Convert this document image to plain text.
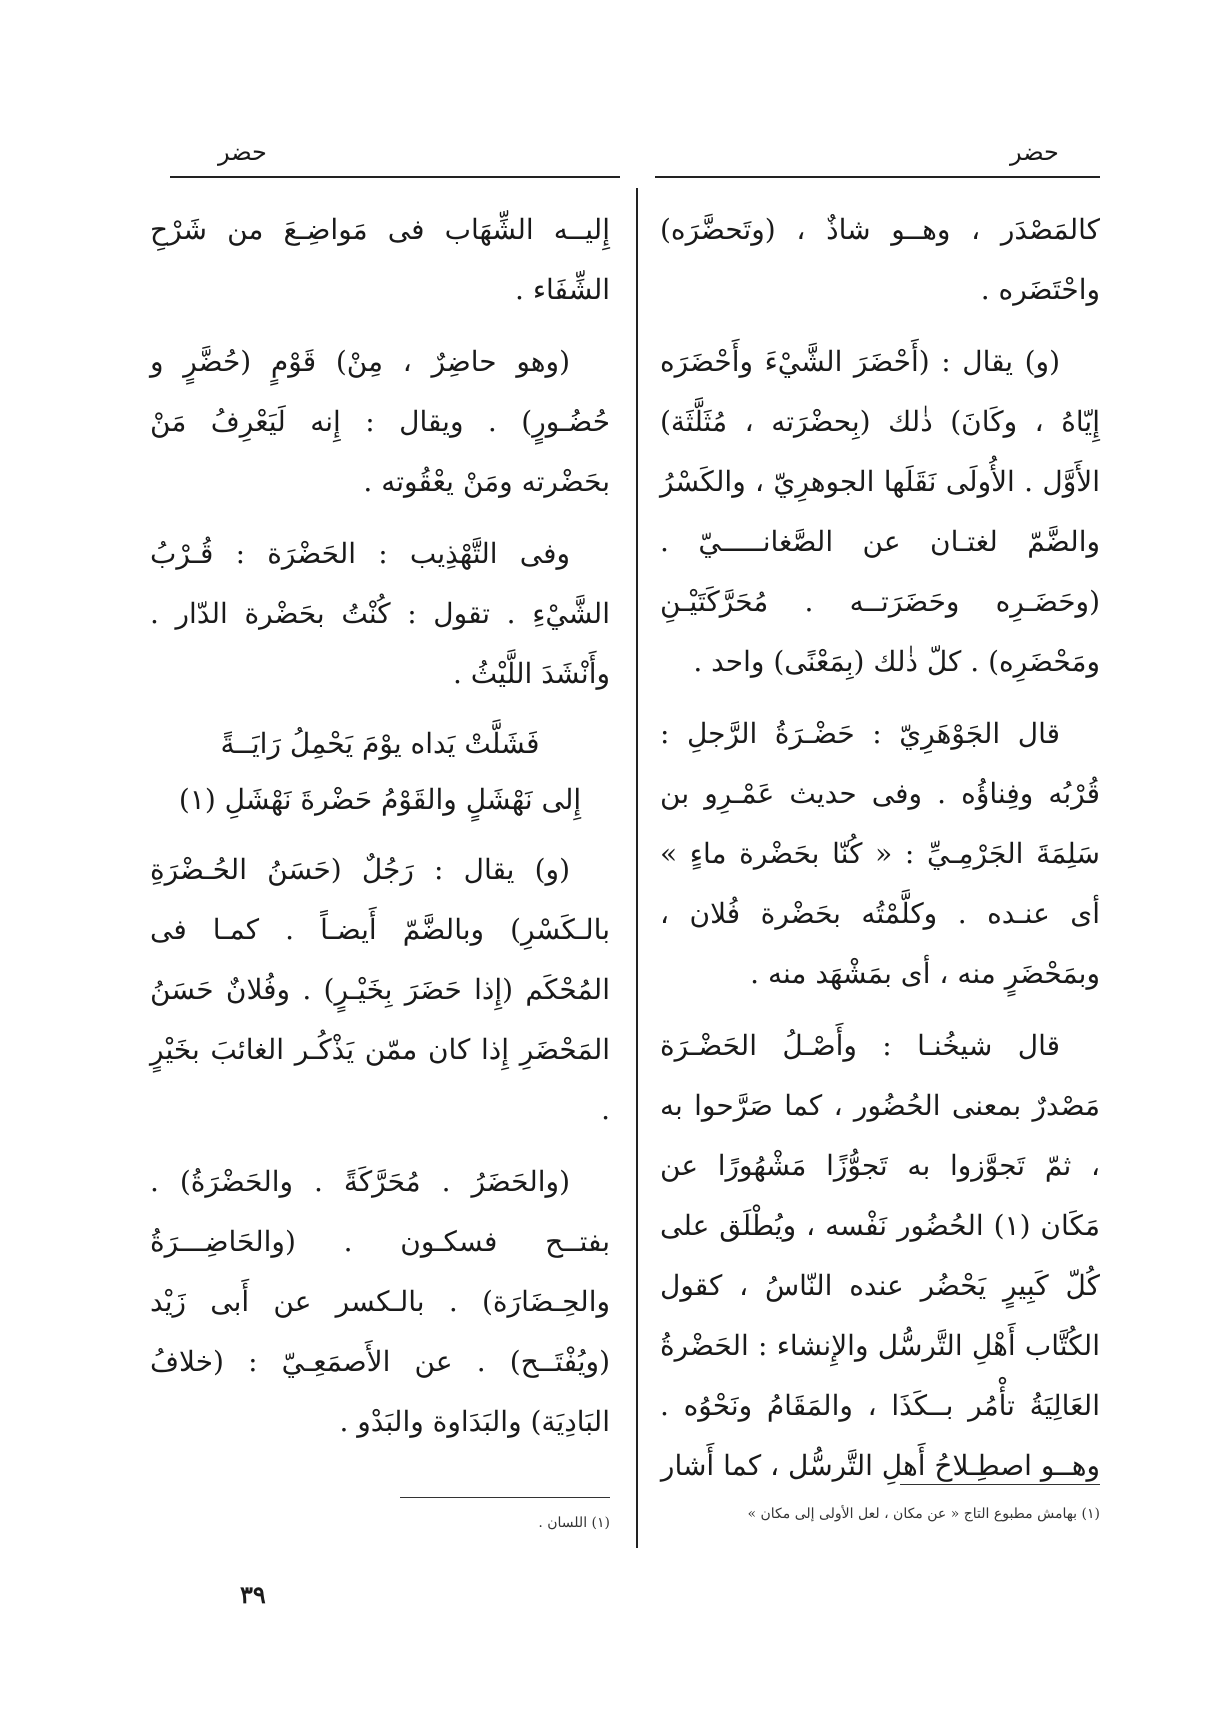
حضر
حضر

كالمَصْدَر ، وهــو شاذٌ ، (وتَحضَّرَه) واحْتَضَره .

(و) يقال : (أَحْضَرَ الشَّيْءَ وأَحْضَرَه إِيّاهُ ، وكَانَ) ذٰلك (بِحضْرَته ، مُثَلَّثَة) الأَوَّل . الأُولَى نَقَلَها الجوهرِيّ ، والكَسْرُ والضَّمّ لغتـان عن الصَّغانـــــيّ . (وحَضَـرِه وحَضَرَتــه . مُحَرَّكَتَيْـنِ ومَحْضَرِه) . كلّ ذٰلك (بِمَعْنًى) واحد .

قال الجَوْهَرِيّ : حَضْـرَةُ الرَّجلِ : قُرْبُه وفِناؤُه . وفى حديث عَمْـرِو بن سَلِمَةَ الجَرْمِـيِّ : « كُنّا بحَضْرة ماءٍ » أى عنـده . وكلَّمْتُه بحَضْرة فُلان ، وبمَحْضَرٍ منه ، أى بمَشْهَد منه .

قال شيخُنـا : وأَصْـلُ الحَضْـرَة مَصْدرٌ بمعنى الحُضُور ، كما صَرَّحوا به ، ثمّ تَجوَّزوا به تَجوُّزًا مَشْهُورًا عن مَكَان (١) الحُضُور نَفْسه ، ويُطْلَق على كُلّ كَبِيرٍ يَحْضُر عنده النّاسُ ، كقول الكُتَّاب أَهْلِ التَّرسُّل والإِنشاء : الحَضْرةُ العَالِيَةُ تأْمُر بــكَذَا ، والمَقَامُ ونَحْوُه . وهــو اصطِـلاحُ أَهلِ التَّرسُّل ، كما أَشار

إِليــه الشِّهَاب فى مَواضِـعَ من شَرْحِ الشِّفَاء .

(وهو حاضِرٌ ، مِنْ) قَوْمٍ (حُضَّرٍ و حُضُـورٍ) . ويقال : إِنه لَيَعْرِفُ مَنْ بحَضْرته ومَنْ يعْقُوته .

وفى التَّهْذِيب : الحَضْرَة : قُـرْبُ الشَّيْءِ . تقول : كُنْتُ بحَضْرة الدّار . وأَنْشَدَ اللَّيْثُ .

فَشَلَّتْ يَداه يوْمَ يَحْمِلُ رَايَــةً
إِلى نَهْشَلٍ والقَوْمُ حَضْرةَ نَهْشَلِ (١)

(و) يقال : رَجُلٌ (حَسَنُ الحُـضْرَةِ بالـكَسْرِ) وبالضَّمّ أَيضـاً . كمـا فى المُحْكَم (إِذا حَضَرَ بِخَيْـرٍ) . وفُلانٌ حَسَنُ المَحْضَرِ إِذا كان ممّن يَذْكُـر الغائبَ بخَيْرٍ .

(والحَضَرُ . مُحَرَّكَةً . والحَضْرَةُ) . بفتــح فسكـون . (والحَاضِـــرَةُ والحِـضَارَة) . بالـكسر عن أَبى زَيْد (ويُفْتَــح) . عن الأَصمَعِـيّ : (خلافُ البَادِيَة) والبَدَاوة والبَدْو .

(١) بهامش مطبوع التاج « عن مكان ، لعل الأولى إلى مكان »
(١) اللسان .
٣٩
